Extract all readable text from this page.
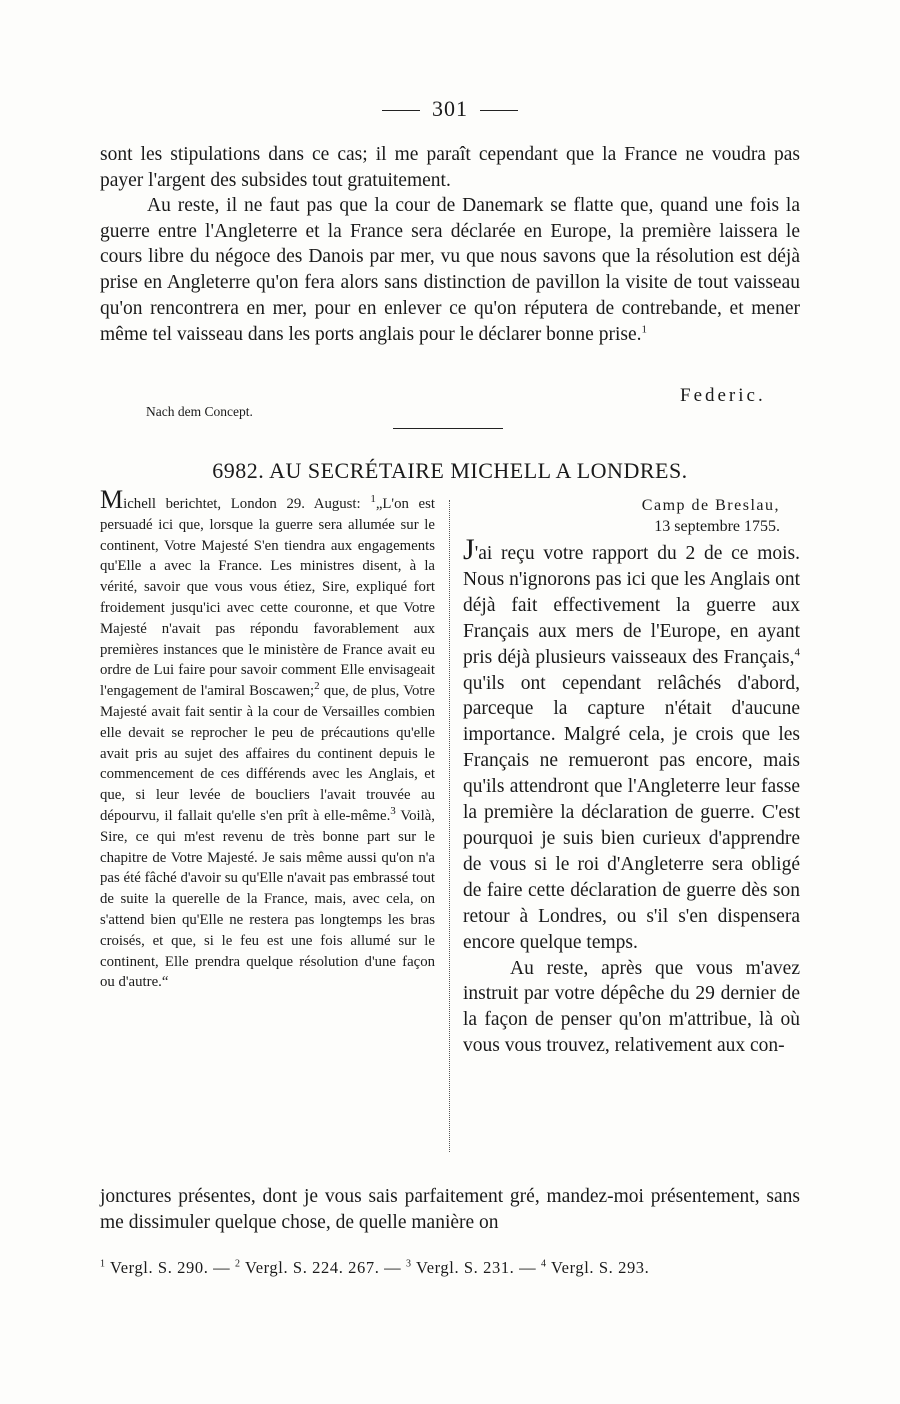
301

sont les stipulations dans ce cas; il me paraît cependant que la France ne voudra pas payer l'argent des subsides tout gratuitement.

Au reste, il ne faut pas que la cour de Danemark se flatte que, quand une fois la guerre entre l'Angleterre et la France sera déclarée en Europe, la première laissera le cours libre du négoce des Danois par mer, vu que nous savons que la résolution est déjà prise en Angleterre qu'on fera alors sans distinction de pavillon la visite de tout vaisseau qu'on rencontrera en mer, pour en enlever ce qu'on réputera de contrebande, et mener même tel vaisseau dans les ports anglais pour le déclarer bonne prise.$^1$

Federic.
Nach dem Concept.
6982. AU SECRÉTAIRE MICHELL A LONDRES.

Michell berichtet, London 29. August: $^1$„L'on est persuadé ici que, lorsque la guerre sera allumée sur le continent, Votre Majesté S'en tiendra aux engagements qu'Elle a avec la France. Les ministres disent, à la vérité, savoir que vous vous étiez, Sire, expliqué fort froidement jusqu'ici avec cette couronne, et que Votre Majesté n'avait pas répondu favorablement aux premières instances que le ministère de France avait eu ordre de Lui faire pour savoir comment Elle envisageait l'engagement de l'amiral Boscawen;$^2$ que, de plus, Votre Majesté avait fait sentir à la cour de Versailles combien elle devait se reprocher le peu de précautions qu'elle avait pris au sujet des affaires du continent depuis le commencement de ces différends avec les Anglais, et que, si leur levée de boucliers l'avait trouvée au dépourvu, il fallait qu'elle s'en prît à elle-même.$^3$ Voilà, Sire, ce qui m'est revenu de très bonne part sur le chapitre de Votre Majesté. Je sais même aussi qu'on n'a pas été fâché d'avoir su qu'Elle n'avait pas embrassé tout de suite la querelle de la France, mais, avec cela, on s'attend bien qu'Elle ne restera pas longtemps les bras croisés, et que, si le feu est une fois allumé sur le continent, Elle prendra quelque résolution d'une façon ou d'autre.“

Camp de Breslau,
13 septembre 1755.

J'ai reçu votre rapport du 2 de ce mois. Nous n'ignorons pas ici que les Anglais ont déjà fait effectivement la guerre aux Français aux mers de l'Europe, en ayant pris déjà plusieurs vaisseaux des Français,$^4$ qu'ils ont cependant relâchés d'abord, parceque la capture n'était d'aucune importance. Malgré cela, je crois que les Français ne remueront pas encore, mais qu'ils attendront que l'Angleterre leur fasse la première la déclaration de guerre. C'est pourquoi je suis bien curieux d'apprendre de vous si le roi d'Angleterre sera obligé de faire cette déclaration de guerre dès son retour à Londres, ou s'il s'en dispensera encore quelque temps.
Au reste, après que vous m'avez instruit par votre dépêche du 29 dernier de la façon de penser qu'on m'attribue, là où vous vous trouvez, relativement aux con-

jonctures présentes, dont je vous sais parfaitement gré, mandez-moi présentement, sans me dissimuler quelque chose, de quelle manière on

$^1$ Vergl. S. 290. — $^2$ Vergl. S. 224. 267. — $^3$ Vergl. S. 231. — $^4$ Vergl. S. 293.
